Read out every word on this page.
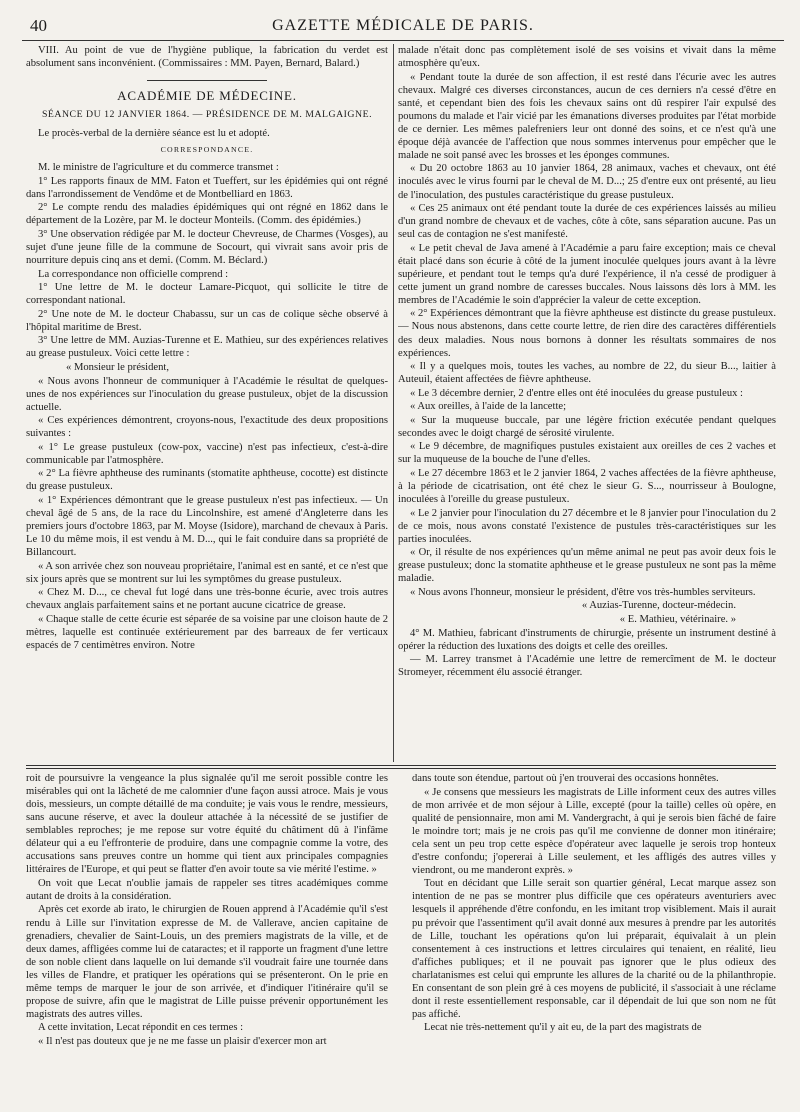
40	GAZETTE MÉDICALE DE PARIS.

VIII. Au point de vue de l'hygiène publique, la fabrication du verdet est absolument sans inconvénient. (Commissaires : MM. Payen, Bernard, Balard.)

ACADÉMIE DE MÉDECINE.
SÉANCE DU 12 JANVIER 1864. — PRÉSIDENCE DE M. MALGAIGNE.

Le procès-verbal de la dernière séance est lu et adopté.

CORRESPONDANCE.

M. le ministre de l'agriculture et du commerce transmet :

1° Les rapports finaux de MM. Faton et Tueffert, sur les épidémies qui ont régné dans l'arrondissement de Vendôme et de Montbelliard en 1863.

2° Le compte rendu des maladies épidémiques qui ont régné en 1862 dans le département de la Lozère, par M. le docteur Monteils. (Comm. des épidémies.)

3° Une observation rédigée par M. le docteur Chevreuse, de Charmes (Vosges), au sujet d'une jeune fille de la commune de Socourt, qui vivrait sans avoir pris de nourriture depuis cinq ans et demi. (Comm. M. Béclard.)

La correspondance non officielle comprend :

1° Une lettre de M. le docteur Lamare-Picquot, qui sollicite le titre de correspondant national.

2° Une note de M. le docteur Chabassu, sur un cas de colique sèche observé à l'hôpital maritime de Brest.

3° Une lettre de MM. Auzias-Turenne et E. Mathieu, sur des expériences relatives au grease pustuleux. Voici cette lettre :

« Monsieur le président,

« Nous avons l'honneur de communiquer à l'Académie le résultat de quelques-unes de nos expériences sur l'inoculation du grease pustuleux, objet de la discussion actuelle.

« Ces expériences démontrent, croyons-nous, l'exactitude des deux propositions suivantes :

« 1° Le grease pustuleux (cow-pox, vaccine) n'est pas infectieux, c'est-à-dire communicable par l'atmosphère.

« 2° La fièvre aphtheuse des ruminants (stomatite aphtheuse, cocotte) est distincte du grease pustuleux.

« 1° Expériences démontrant que le grease pustuleux n'est pas infectieux. — Un cheval âgé de 5 ans, de la race du Lincolnshire, est amené d'Angleterre dans les premiers jours d'octobre 1863, par M. Moyse (Isidore), marchand de chevaux à Paris. Le 10 du même mois, il est vendu à M. D..., qui le fait conduire dans sa propriété de Billancourt.

« A son arrivée chez son nouveau propriétaire, l'animal est en santé, et ce n'est que six jours après que se montrent sur lui les symptômes du grease pustuleux.

« Chez M. D..., ce cheval fut logé dans une très-bonne écurie, avec trois autres chevaux anglais parfaitement sains et ne portant aucune cicatrice de grease.

« Chaque stalle de cette écurie est séparée de sa voisine par une cloison haute de 2 mètres, laquelle est continuée extérieurement par des barreaux de fer verticaux espacés de 7 centimètres environ. Notre

malade n'était donc pas complètement isolé de ses voisins et vivait dans la même atmosphère qu'eux.

« Pendant toute la durée de son affection, il est resté dans l'écurie avec les autres chevaux. Malgré ces diverses circonstances, aucun de ces derniers n'a cessé d'être en santé, et cependant bien des fois les chevaux sains ont dû respirer l'air expulsé des poumons du malade et l'air vicié par les émanations diverses produites par l'état morbide de ce dernier. Les mêmes palefreniers leur ont donné des soins, et ce n'est qu'à une époque déjà avancée de l'affection que nous sommes intervenus pour empêcher que le malade ne soit pansé avec les brosses et les éponges communes.

« Du 20 octobre 1863 au 10 janvier 1864, 28 animaux, vaches et chevaux, ont été inoculés avec le virus fourni par le cheval de M. D...; 25 d'entre eux ont présenté, au lieu de l'inoculation, des pustules caractéristique du grease pustuleux.

« Ces 25 animaux ont été pendant toute la durée de ces expériences laissés au milieu d'un grand nombre de chevaux et de vaches, côte à côte, sans séparation aucune. Pas un seul cas de contagion ne s'est manifesté.

« Le petit cheval de Java amené à l'Académie a paru faire exception; mais ce cheval était placé dans son écurie à côté de la jument inoculée quelques jours avant à la lèvre supérieure, et pendant tout le temps qu'a duré l'expérience, il n'a cessé de prodiguer à cette jument un grand nombre de caresses buccales. Nous laissons dès lors à MM. les membres de l'Académie le soin d'apprécier la valeur de cette exception.

« 2° Expériences démontrant que la fièvre aphtheuse est distincte du grease pustuleux. — Nous nous abstenons, dans cette courte lettre, de rien dire des caractères différentiels des deux maladies. Nous nous bornons à donner les résultats sommaires de nos expériences.

« Il y a quelques mois, toutes les vaches, au nombre de 22, du sieur B..., laitier à Auteuil, étaient affectées de fièvre aphtheuse.

« Le 3 décembre dernier, 2 d'entre elles ont été inoculées du grease pustuleux :

« Aux oreilles, à l'aide de la lancette;

« Sur la muqueuse buccale, par une légère friction exécutée pendant quelques secondes avec le doigt chargé de sérosité virulente.

« Le 9 décembre, de magnifiques pustules existaient aux oreilles de ces 2 vaches et sur la muqueuse de la bouche de l'une d'elles.

« Le 27 décembre 1863 et le 2 janvier 1864, 2 vaches affectées de la fièvre aphtheuse, à la période de cicatrisation, ont été chez le sieur G. S..., nourrisseur à Boulogne, inoculées à l'oreille du grease pustuleux.

« Le 2 janvier pour l'inoculation du 27 décembre et le 8 janvier pour l'inoculation du 2 de ce mois, nous avons constaté l'existence de pustules très-caractéristiques sur les parties inoculées.

« Or, il résulte de nos expériences qu'un même animal ne peut pas avoir deux fois le grease pustuleux; donc la stomatite aphtheuse et le grease pustuleux ne sont pas la même maladie.

« Nous avons l'honneur, monsieur le président, d'être vos très-humbles serviteurs.

« Auzias-Turenne, docteur-médecin.

« E. Mathieu, vétérinaire. »

4° M. Mathieu, fabricant d'instruments de chirurgie, présente un instrument destiné à opérer la réduction des luxations des doigts et celle des oreilles.

— M. Larrey transmet à l'Académie une lettre de remercîment de M. le docteur Stromeyer, récemment élu associé étranger.

roit de poursuivre la vengeance la plus signalée qu'il me seroit possible contre les misérables qui ont la lâcheté de me calomnier d'une façon aussi atroce. Mais je vous dois, messieurs, un compte détaillé de ma conduite; je vais vous le rendre, messieurs, sans aucune réserve, et avec la douleur attachée à la nécessité de se justifier de semblables reproches; je me repose sur votre équité du châtiment dû à l'infâme délateur qui a eu l'effronterie de produire, dans une compagnie comme la votre, des accusations sans preuves contre un homme qui tient aux principales compagnies littéraires de l'Europe, et qui peut se flatter d'en avoir toute sa vie mérité l'estime. »

On voit que Lecat n'oublie jamais de rappeler ses titres académiques comme autant de droits à la considération.

Après cet exorde ab irato, le chirurgien de Rouen apprend à l'Académie qu'il s'est rendu à Lille sur l'invitation expresse de M. de Vallerave, ancien capitaine de grenadiers, chevalier de Saint-Louis, un des premiers magistrats de la ville, et de deux dames, affligées comme lui de cataractes; et il rapporte un fragment d'une lettre de son noble client dans laquelle on lui demande s'il voudrait faire une tournée dans les villes de Flandre, et pratiquer les opérations qui se présenteront. On le prie en même temps de marquer le jour de son arrivée, et d'indiquer l'itinéraire qu'il se propose de suivre, afin que le magistrat de Lille puisse prévenir opportunément les magistrats des autres villes.

A cette invitation, Lecat répondit en ces termes :

« Il n'est pas douteux que je ne me fasse un plaisir d'exercer mon art

dans toute son étendue, partout où j'en trouverai des occasions honnêtes.

« Je consens que messieurs les magistrats de Lille informent ceux des autres villes de mon arrivée et de mon séjour à Lille, excepté (pour la taille) celles où opère, en qualité de pensionnaire, mon ami M. Vandergracht, à qui je serois bien fâché de faire le moindre tort; mais je ne crois pas qu'il me convienne de donner mon itinéraire; cela sent un peu trop cette espèce d'opérateur avec laquelle je serois trop honteux d'estre confondu; j'opererai à Lille seulement, et les affligés des autres villes y viendront, ou me manderont exprès. »

Tout en décidant que Lille serait son quartier général, Lecat marque assez son intention de ne pas se montrer plus difficile que ces opérateurs aventuriers avec lesquels il appréhende d'être confondu, en les imitant trop visiblement. Mais il aurait pu prévoir que l'assentiment qu'il avait donné aux mesures à prendre par les autorités de Lille, touchant les opérations qu'on lui préparait, équivalait à un plein consentement à ces instructions et lettres circulaires qui tenaient, en réalité, lieu d'affiches publiques; et il ne pouvait pas ignorer que le plus odieux des charlatanismes est celui qui emprunte les allures de la charité ou de la philanthropie. En consentant de son plein gré à ces moyens de publicité, il s'associait à une réclame dont il reste essentiellement responsable, car il dépendait de lui que son nom ne fût pas affiché.

Lecat nie très-nettement qu'il y ait eu, de la part des magistrats de
